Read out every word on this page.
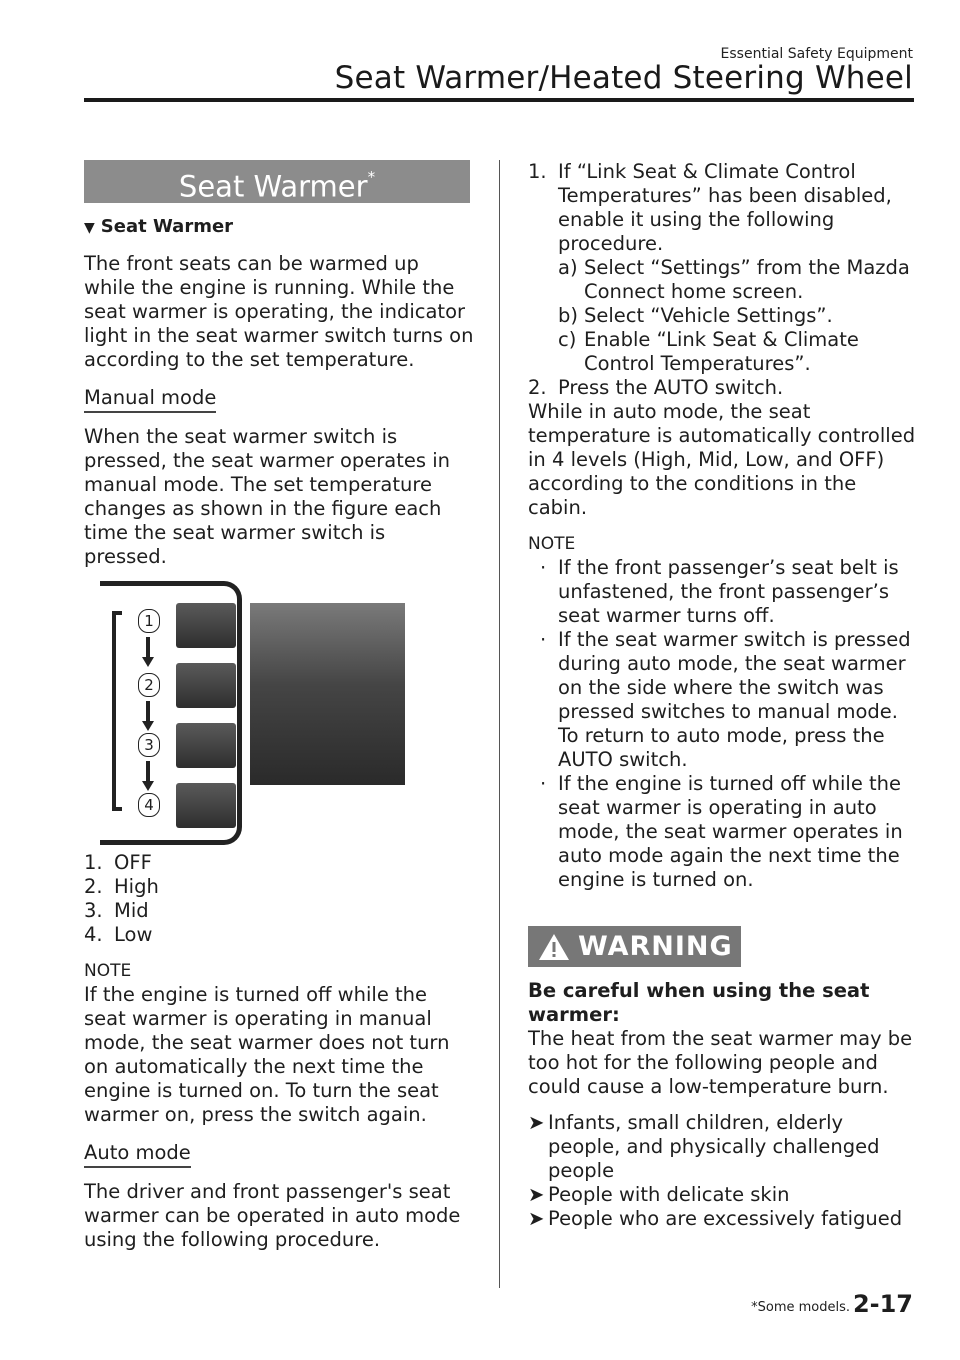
Essential Safety Equipment
Seat Warmer/Heated Steering Wheel
Seat Warmer*
▼ Seat Warmer
The front seats can be warmed up while the engine is running. While the seat warmer is operating, the indicator light in the seat warmer switch turns on according to the set temperature.
Manual mode
When the seat warmer switch is pressed, the seat warmer operates in manual mode. The set temperature changes as shown in the figure each time the seat warmer switch is pressed.
1
2
3
4
1. OFF
2. High
3. Mid
4. Low
NOTE
If the engine is turned off while the seat warmer is operating in manual mode, the seat warmer does not turn on automatically the next time the engine is turned on. To turn the seat warmer on, press the switch again.
Auto mode
The driver and front passenger's seat warmer can be operated in auto mode using the following procedure.
1. If “Link Seat & Climate Control Temperatures” has been disabled, enable it using the following procedure.
a) Select “Settings” from the Mazda Connect home screen.
b) Select “Vehicle Settings”.
c) Enable “Link Seat & Climate Control Temperatures”.
2. Press the AUTO switch.
While in auto mode, the seat temperature is automatically controlled in 4 levels (High, Mid, Low, and OFF) according to the conditions in the cabin.
NOTE
· If the front passenger’s seat belt is unfastened, the front passenger’s seat warmer turns off.
· If the seat warmer switch is pressed during auto mode, the seat warmer on the side where the switch was pressed switches to manual mode. To return to auto mode, press the AUTO switch.
· If the engine is turned off while the seat warmer is operating in auto mode, the seat warmer operates in auto mode again the next time the engine is turned on.
WARNING
Be careful when using the seat warmer:
The heat from the seat warmer may be too hot for the following people and could cause a low-temperature burn.
➤ Infants, small children, elderly people, and physically challenged people
➤ People with delicate skin
➤ People who are excessively fatigued
*Some models. 2-17
